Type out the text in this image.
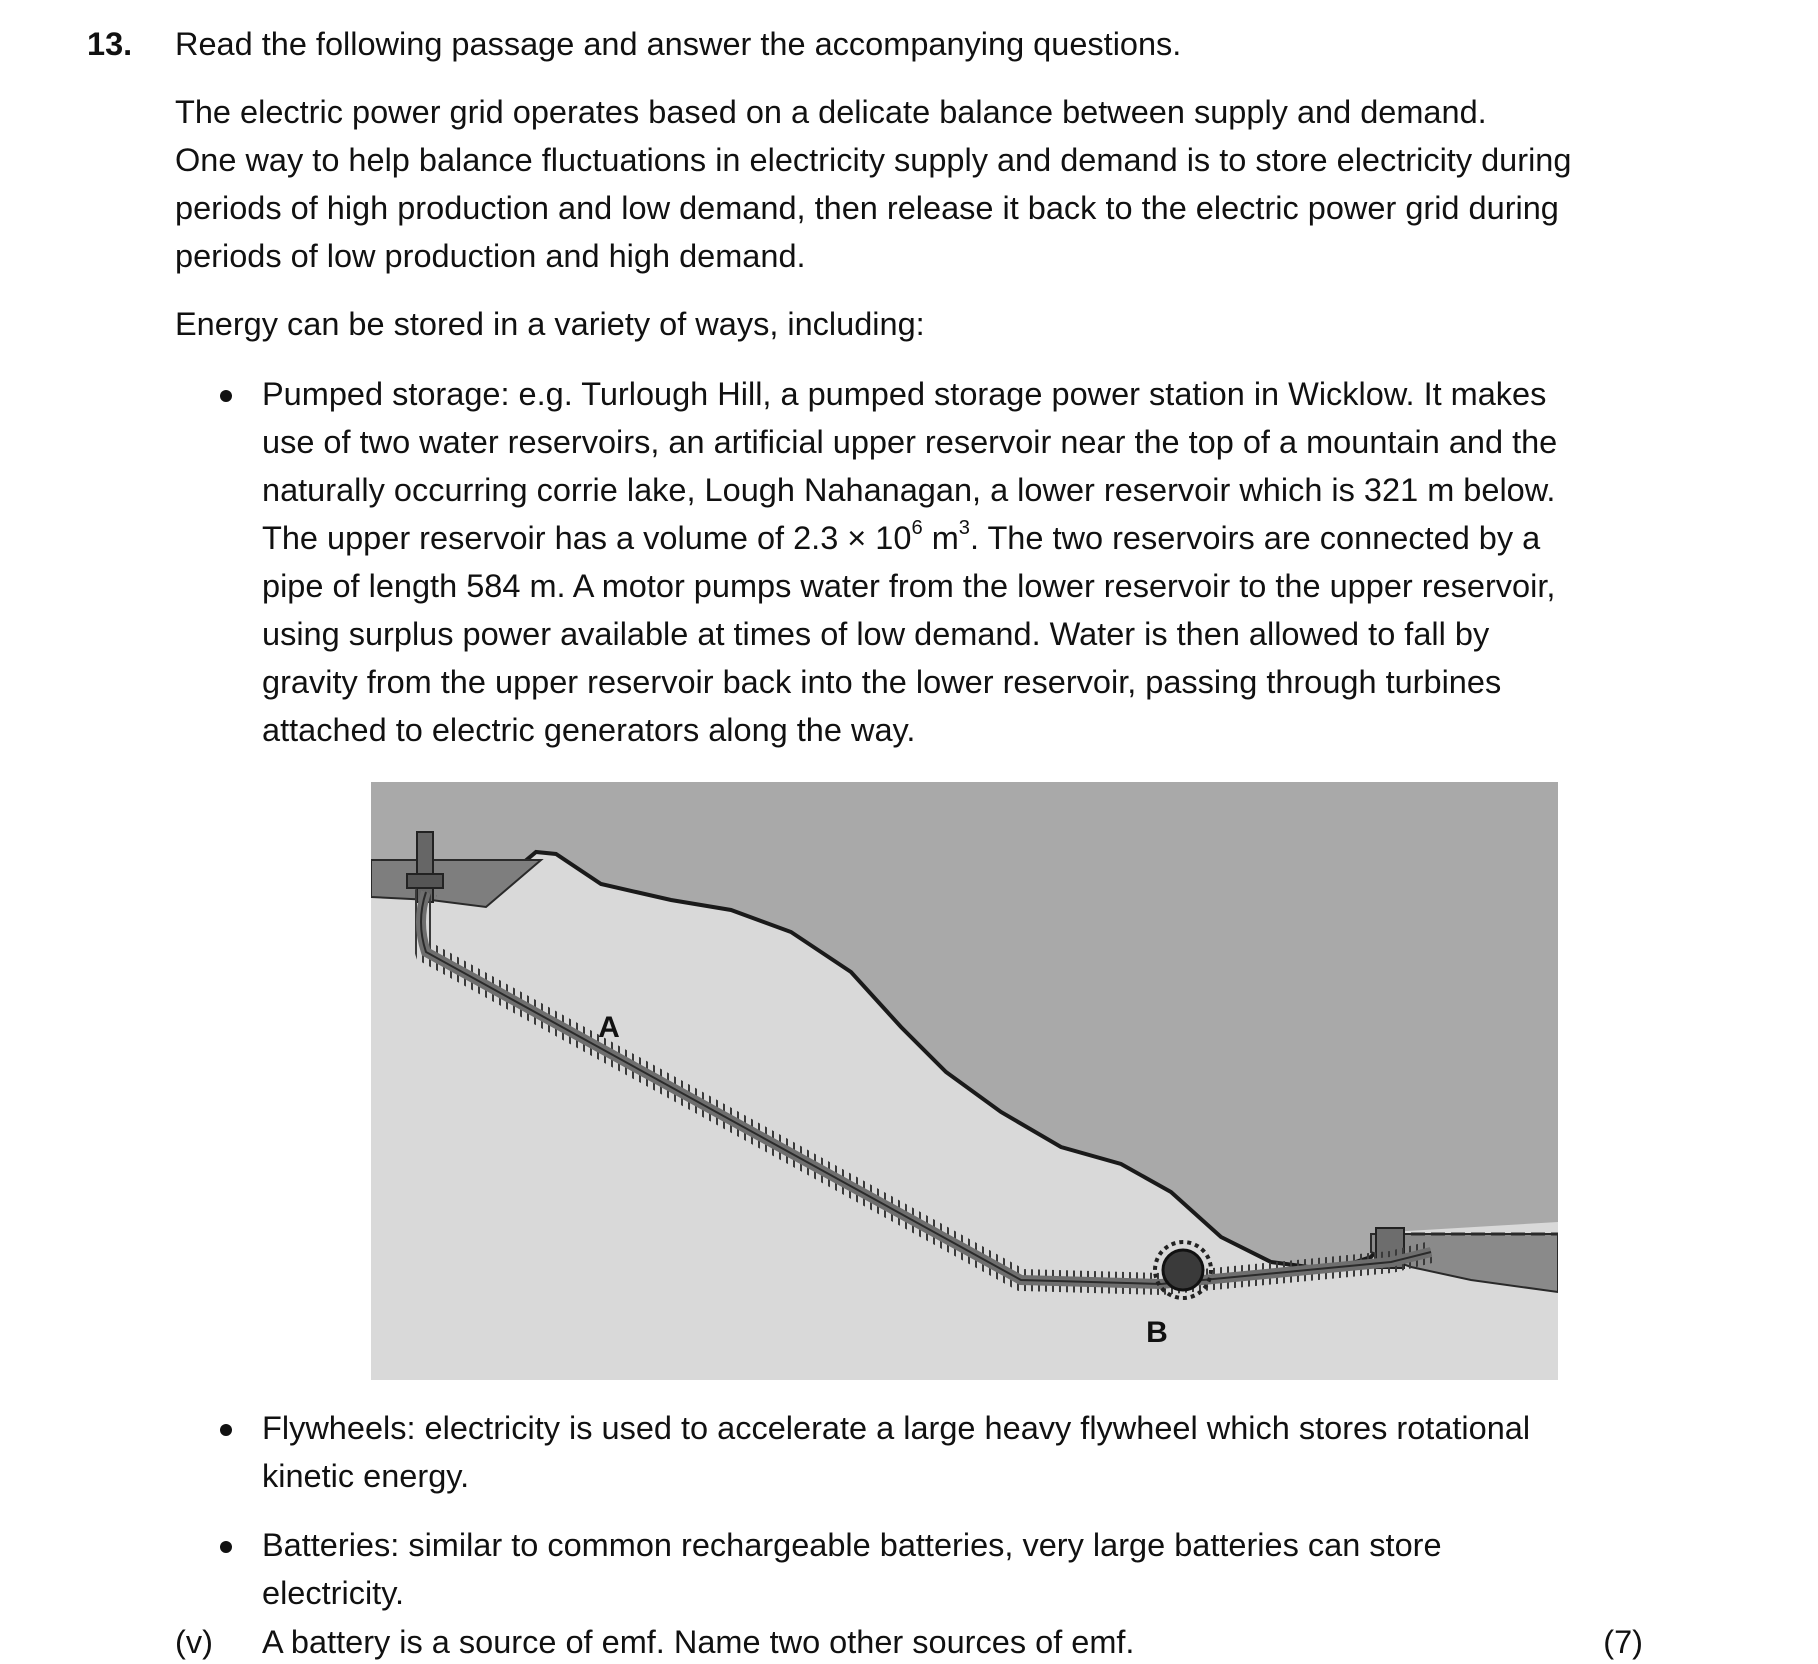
13. Read the following passage and answer the accompanying questions.

The electric power grid operates based on a delicate balance between supply and demand.

One way to help balance fluctuations in electricity supply and demand is to store electricity during

periods of high production and low demand, then release it back to the electric power grid during

periods of low production and high demand.

Energy can be stored in a variety of ways, including:

Pumped storage: e.g. Turlough Hill, a pumped storage power station in Wicklow. It makes

use of two water reservoirs, an artificial upper reservoir near the top of a mountain and the

naturally occurring corrie lake, Lough Nahanagan, a lower reservoir which is 321 m below.

The upper reservoir has a volume of $2.3 \times 10^6$ $m^3$. The two reservoirs are connected by a

pipe of length 584 m. A motor pumps water from the lower reservoir to the upper reservoir,

using surplus power available at times of low demand. Water is then allowed to fall by

gravity from the upper reservoir back into the lower reservoir, passing through turbines

attached to electric generators along the way.

A
B

Flywheels: electricity is used to accelerate a large heavy flywheel which stores rotational

kinetic energy.

Batteries: similar to common rechargeable batteries, very large batteries can store

electricity.

(v) A battery is a source of emf. Name two other sources of emf.	(7)
